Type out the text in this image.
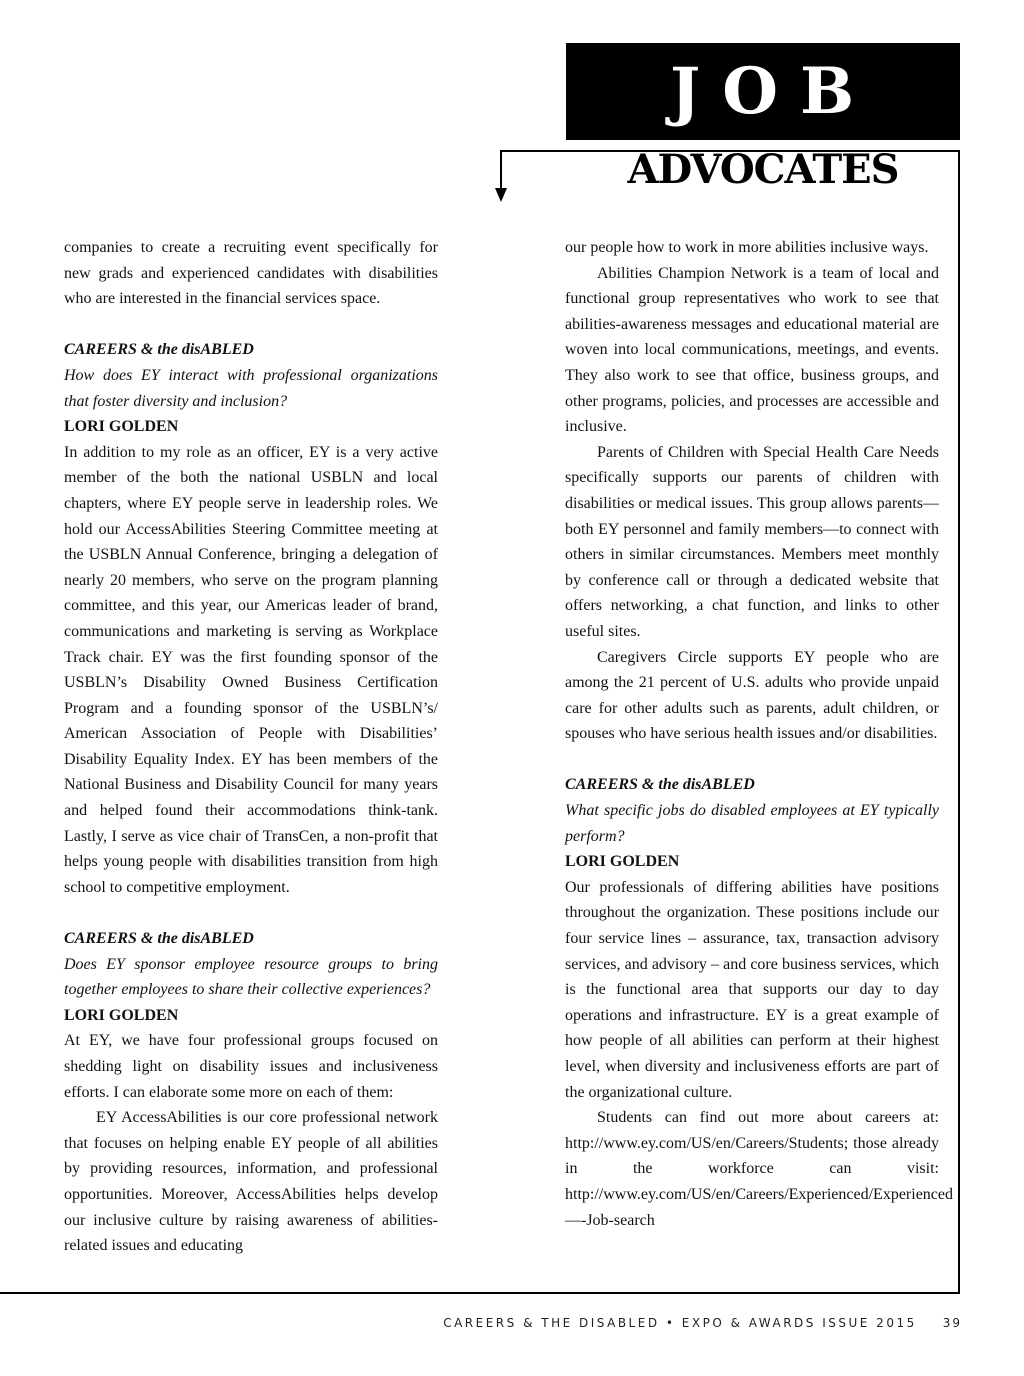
JOB
ADVOCATES

companies to create a recruiting event specifically for new grads and experienced candidates with disabilities who are interested in the financial services space.

CAREERS & the disABLED

How does EY interact with professional organizations that foster diversity and inclusion?

LORI GOLDEN

In addition to my role as an officer, EY is a very active member of the both the national USBLN and local chapters, where EY people serve in leadership roles. We hold our AccessAbilities Steering Committee meeting at the USBLN Annual Conference, bringing a delegation of nearly 20 members, who serve on the program planning committee, and this year, our Americas leader of brand, communications and marketing is serving as Workplace Track chair. EY was the first founding sponsor of the USBLN’s Disability Owned Business Certification Program and a founding sponsor of the USBLN’s/ American Association of People with Disabilities’ Disability Equality Index. EY has been members of the National Business and Disability Council for many years and helped found their accommodations think-tank. Lastly, I serve as vice chair of TransCen, a non-profit that helps young people with disabilities transition from high school to competitive employment.

CAREERS & the disABLED

Does EY sponsor employee resource groups to bring together employees to share their collective experiences?

LORI GOLDEN

At EY, we have four professional groups focused on shedding light on disability issues and inclusiveness efforts. I can elaborate some more on each of them:

EY AccessAbilities is our core professional network that focuses on helping enable EY people of all abilities by providing resources, information, and professional opportunities. Moreover, AccessAbilities helps develop our inclusive culture by raising awareness of abilities-related issues and educating

our people how to work in more abilities inclusive ways.

Abilities Champion Network is a team of local and functional group representatives who work to see that abilities-awareness messages and educational material are woven into local communications, meetings, and events. They also work to see that office, business groups, and other programs, policies, and processes are accessible and inclusive.

Parents of Children with Special Health Care Needs specifically supports our parents of children with disabilities or medical issues. This group allows parents—both EY personnel and family members—to connect with others in similar circumstances. Members meet monthly by conference call or through a dedicated website that offers networking, a chat function, and links to other useful sites.

Caregivers Circle supports EY people who are among the 21 percent of U.S. adults who provide unpaid care for other adults such as parents, adult children, or spouses who have serious health issues and/or disabilities.

CAREERS & the disABLED

What specific jobs do disabled employees at EY typically perform?

LORI GOLDEN

Our professionals of differing abilities have positions throughout the organization. These positions include our four service lines – assurance, tax, transaction advisory services, and advisory – and core business services, which is the functional area that supports our day to day operations and infrastructure. EY is a great example of how people of all abilities can perform at their highest level, when diversity and inclusiveness efforts are part of the organizational culture.

Students can find out more about careers at: http://www.ey.com/US/en/Careers/Students; those already in the workforce can visit: http://www.ey.com/US/en/Careers/Experienced/Experienced—-Job-search

CAREERS & THE DISABLED • EXPO & AWARDS ISSUE 2015 39
